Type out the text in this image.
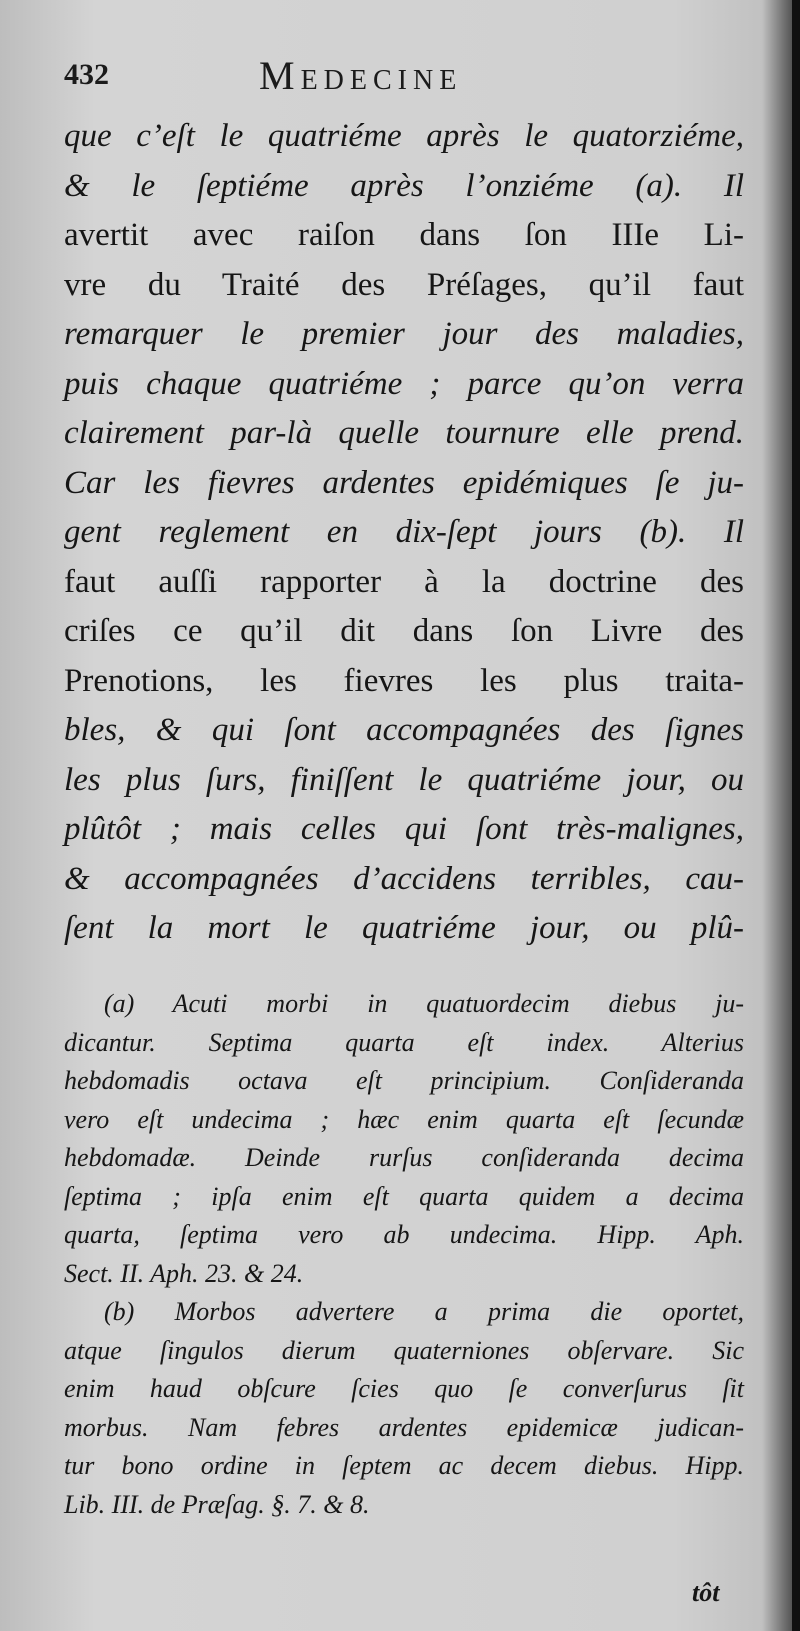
432	Medecine
que c’eſt le quatriéme après le quatorziéme,
& le ſeptiéme après l’onziéme (a). Il
avertit avec raiſon dans ſon IIIe Li-
vre du Traité des Préſages, qu’il faut
remarquer le premier jour des maladies,
puis chaque quatriéme ; parce qu’on verra
clairement par-là quelle tournure elle prend.
Car les fievres ardentes epidémiques ſe ju-
gent reglement en dix-ſept jours (b). Il
faut auſſi rapporter à la doctrine des
criſes ce qu’il dit dans ſon Livre des
Prenotions, les fievres les plus traita-
bles, & qui ſont accompagnées des ſignes
les plus ſurs, finiſſent le quatriéme jour, ou
plûtôt ; mais celles qui ſont très-malignes,
& accompagnées d’accidens terribles, cau-
ſent la mort le quatriéme jour, ou plû-
(a) Acuti morbi in quatuordecim diebus ju-
dicantur. Septima quarta eſt index. Alterius
hebdomadis octava eſt principium. Conſideranda
vero eſt undecima ; hæc enim quarta eſt ſecundæ
hebdomadæ. Deinde rurſus conſideranda decima
ſeptima ; ipſa enim eſt quarta quidem a decima
quarta, ſeptima vero ab undecima. Hipp. Aph.
Sect. II. Aph. 23. & 24.
(b) Morbos advertere a prima die oportet,
atque ſingulos dierum quaterniones obſervare. Sic
enim haud obſcure ſcies quo ſe converſurus ſit
morbus. Nam febres ardentes epidemicæ judican-
tur bono ordine in ſeptem ac decem diebus. Hipp.
Lib. III. de Præſag. §. 7. & 8.
tôt
